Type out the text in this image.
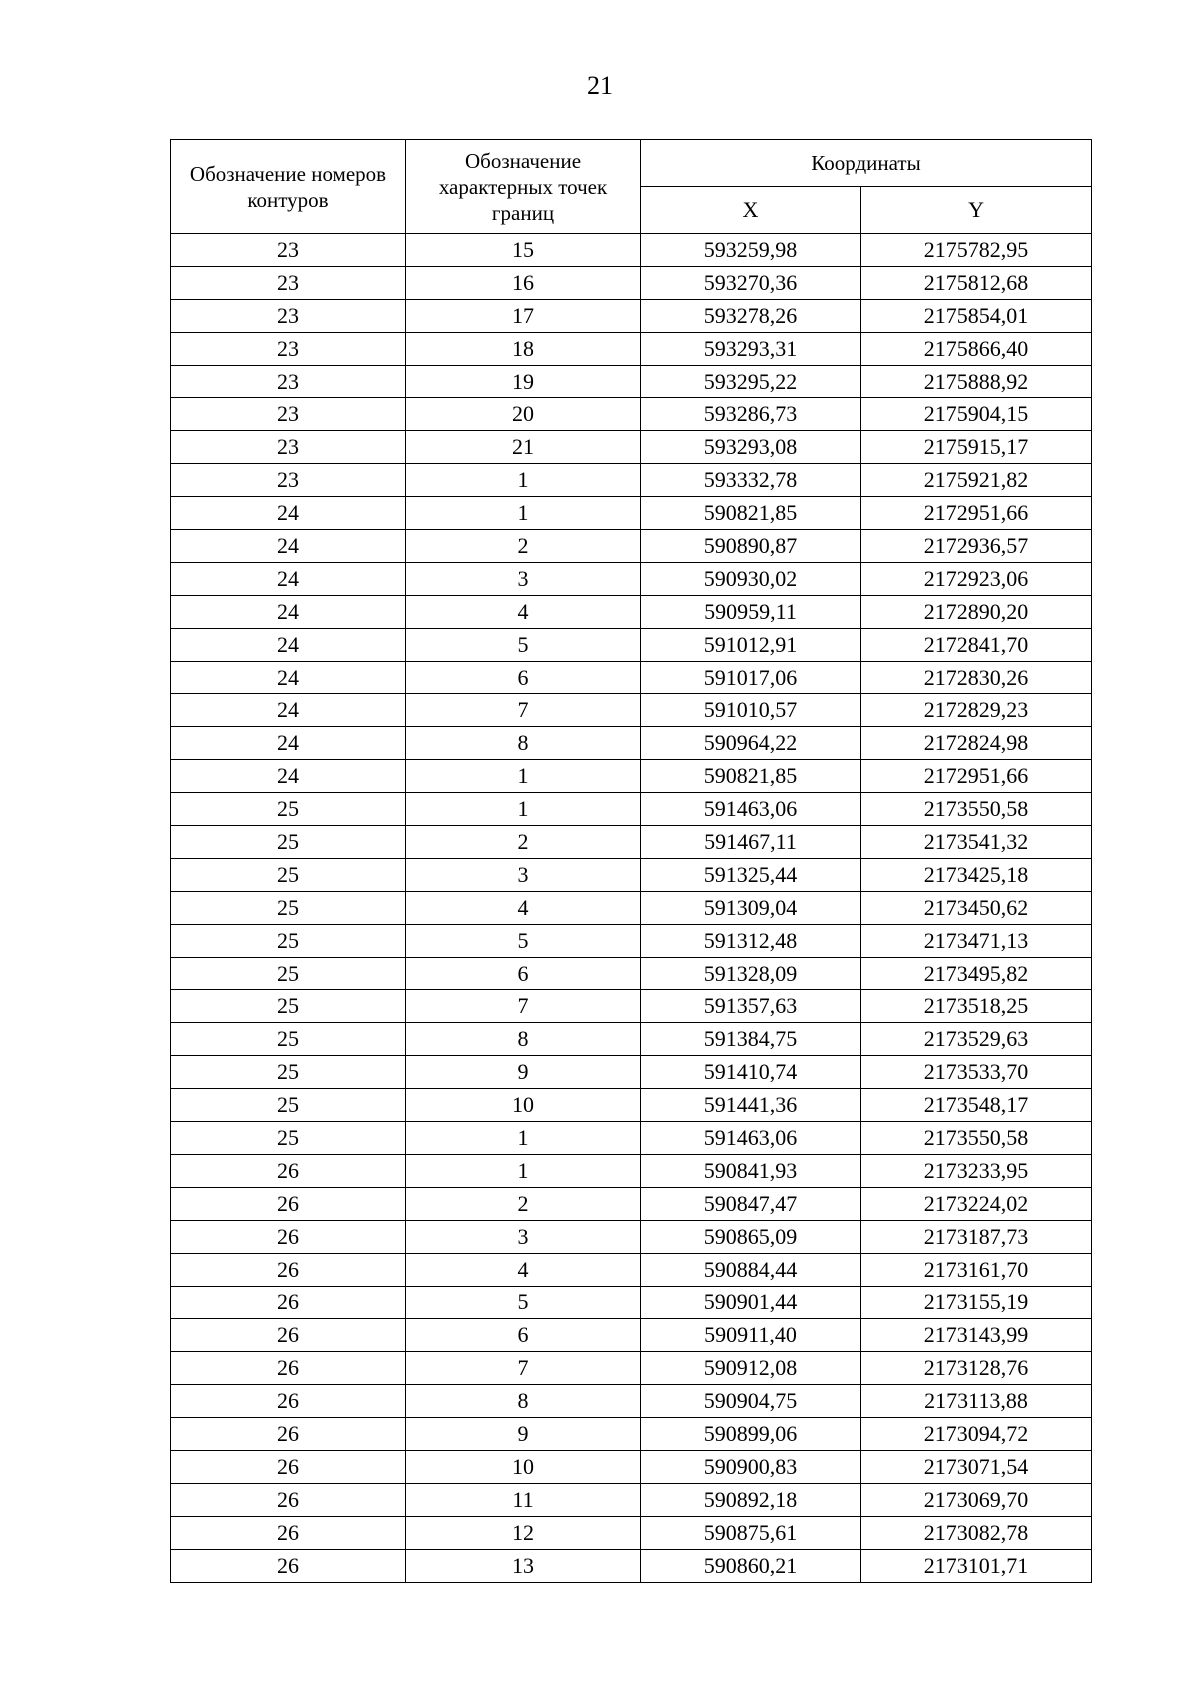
21
Обозначение номеров контуров	Обозначение характерных точек границ	Координаты	
		X	Y
23	15	593259,98	2175782,95
23	16	593270,36	2175812,68
23	17	593278,26	2175854,01
23	18	593293,31	2175866,40
23	19	593295,22	2175888,92
23	20	593286,73	2175904,15
23	21	593293,08	2175915,17
23	1	593332,78	2175921,82
24	1	590821,85	2172951,66
24	2	590890,87	2172936,57
24	3	590930,02	2172923,06
24	4	590959,11	2172890,20
24	5	591012,91	2172841,70
24	6	591017,06	2172830,26
24	7	591010,57	2172829,23
24	8	590964,22	2172824,98
24	1	590821,85	2172951,66
25	1	591463,06	2173550,58
25	2	591467,11	2173541,32
25	3	591325,44	2173425,18
25	4	591309,04	2173450,62
25	5	591312,48	2173471,13
25	6	591328,09	2173495,82
25	7	591357,63	2173518,25
25	8	591384,75	2173529,63
25	9	591410,74	2173533,70
25	10	591441,36	2173548,17
25	1	591463,06	2173550,58
26	1	590841,93	2173233,95
26	2	590847,47	2173224,02
26	3	590865,09	2173187,73
26	4	590884,44	2173161,70
26	5	590901,44	2173155,19
26	6	590911,40	2173143,99
26	7	590912,08	2173128,76
26	8	590904,75	2173113,88
26	9	590899,06	2173094,72
26	10	590900,83	2173071,54
26	11	590892,18	2173069,70
26	12	590875,61	2173082,78
26	13	590860,21	2173101,71
